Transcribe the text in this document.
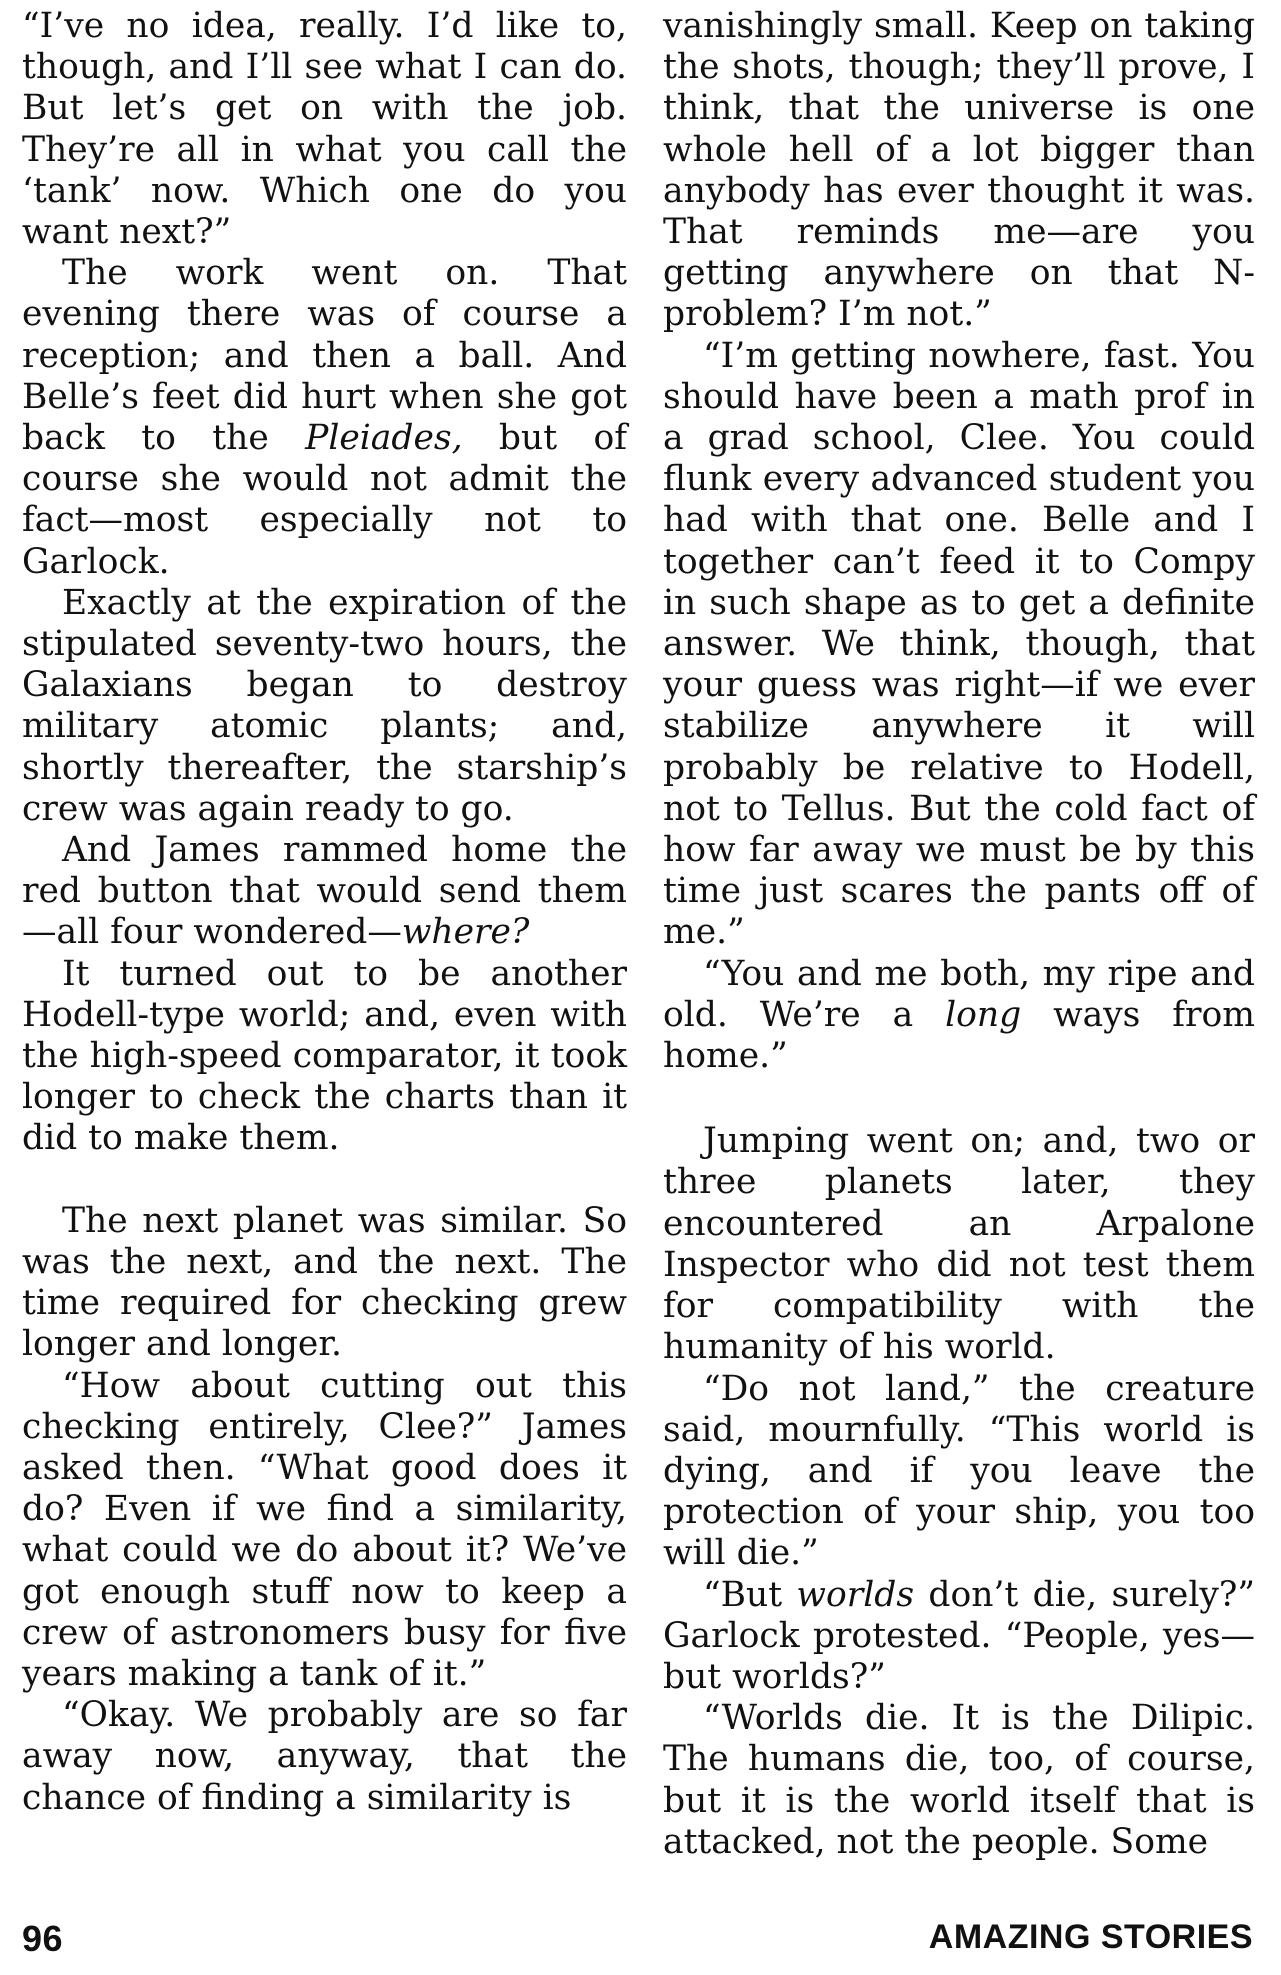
“I’ve no idea, really. I’d like to, though, and I’ll see what I can do. But let’s get on with the job. They’re all in what you call the ‘tank’ now. Which one do you want next?”

The work went on. That evening there was of course a reception; and then a ball. And Belle’s feet did hurt when she got back to the Pleiades, but of course she would not admit the fact—most especially not to Garlock.

Exactly at the expiration of the stipulated seventy-two hours, the Galaxians began to destroy military atomic plants; and, shortly thereafter, the starship’s crew was again ready to go.

And James rammed home the red button that would send them —all four wondered—where?

It turned out to be another Hodell-type world; and, even with the high-speed comparator, it took longer to check the charts than it did to make them.

The next planet was similar. So was the next, and the next. The time required for checking grew longer and longer.

“How about cutting out this checking entirely, Clee?” James asked then. “What good does it do? Even if we find a similarity, what could we do about it? We’ve got enough stuff now to keep a crew of astronomers busy for five years making a tank of it.”

“Okay. We probably are so far away now, anyway, that the chance of finding a similarity is

vanishingly small. Keep on taking the shots, though; they’ll prove, I think, that the universe is one whole hell of a lot bigger than anybody has ever thought it was. That reminds me—are you getting anywhere on that N-problem? I’m not.”

“I’m getting nowhere, fast. You should have been a math prof in a grad school, Clee. You could flunk every advanced student you had with that one. Belle and I together can’t feed it to Compy in such shape as to get a definite answer. We think, though, that your guess was right—if we ever stabilize anywhere it will probably be relative to Hodell, not to Tellus. But the cold fact of how far away we must be by this time just scares the pants off of me.”

“You and me both, my ripe and old. We’re a long ways from home.”

Jumping went on; and, two or three planets later, they encountered an Arpalone Inspector who did not test them for compatibility with the humanity of his world.

“Do not land,” the creature said, mournfully. “This world is dying, and if you leave the protection of your ship, you too will die.”

“But worlds don’t die, surely?” Garlock protested. “People, yes—but worlds?”

“Worlds die. It is the Dilipic. The humans die, too, of course, but it is the world itself that is attacked, not the people. Some

96	AMAZING STORIES
